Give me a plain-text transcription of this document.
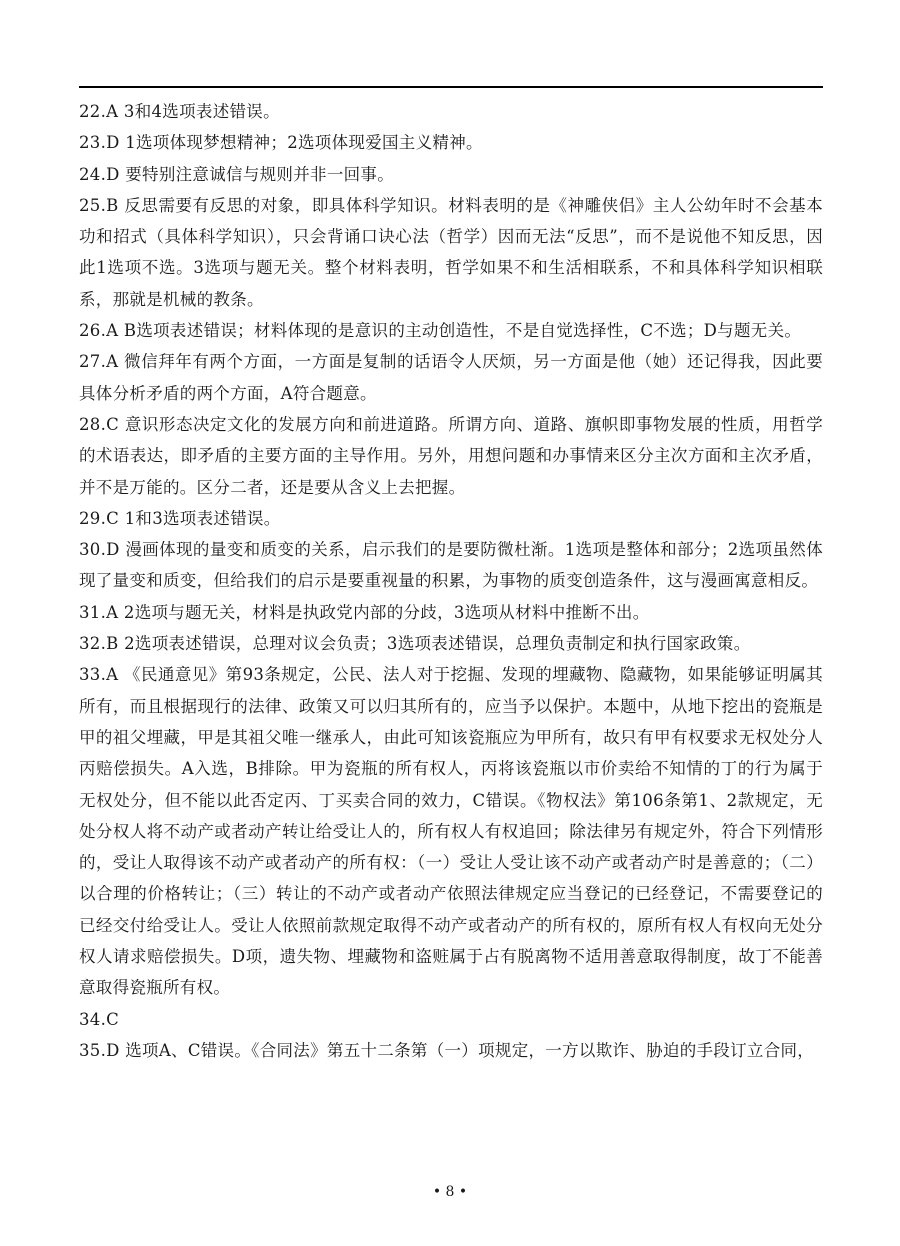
22.A 3和4选项表述错误。

23.D 1选项体现梦想精神；2选项体现爱国主义精神。

24.D 要特别注意诚信与规则并非一回事。

25.B 反思需要有反思的对象，即具体科学知识。材料表明的是《神雕侠侣》主人公幼年时不会基本功和招式（具体科学知识），只会背诵口诀心法（哲学）因而无法“反思”，而不是说他不知反思，因此1选项不选。3选项与题无关。整个材料表明，哲学如果不和生活相联系，不和具体科学知识相联系，那就是机械的教条。

26.A B选项表述错误；材料体现的是意识的主动创造性，不是自觉选择性，C不选；D与题无关。

27.A 微信拜年有两个方面，一方面是复制的话语令人厌烦，另一方面是他（她）还记得我，因此要具体分析矛盾的两个方面，A符合题意。

28.C 意识形态决定文化的发展方向和前进道路。所谓方向、道路、旗帜即事物发展的性质，用哲学的术语表达，即矛盾的主要方面的主导作用。另外，用想问题和办事情来区分主次方面和主次矛盾，并不是万能的。区分二者，还是要从含义上去把握。

29.C 1和3选项表述错误。

30.D 漫画体现的量变和质变的关系，启示我们的是要防微杜渐。1选项是整体和部分；2选项虽然体现了量变和质变，但给我们的启示是要重视量的积累，为事物的质变创造条件，这与漫画寓意相反。

31.A 2选项与题无关，材料是执政党内部的分歧，3选项从材料中推断不出。

32.B 2选项表述错误，总理对议会负责；3选项表述错误，总理负责制定和执行国家政策。

33.A 《民通意见》第93条规定，公民、法人对于挖掘、发现的埋藏物、隐藏物，如果能够证明属其所有，而且根据现行的法律、政策又可以归其所有的，应当予以保护。本题中，从地下挖出的瓷瓶是甲的祖父埋藏，甲是其祖父唯一继承人，由此可知该瓷瓶应为甲所有，故只有甲有权要求无权处分人丙赔偿损失。A入选，B排除。甲为瓷瓶的所有权人，丙将该瓷瓶以市价卖给不知情的丁的行为属于无权处分，但不能以此否定丙、丁买卖合同的效力，C错误。《物权法》第106条第1、2款规定，无处分权人将不动产或者动产转让给受让人的，所有权人有权追回；除法律另有规定外，符合下列情形的，受让人取得该不动产或者动产的所有权：（一）受让人受让该不动产或者动产时是善意的；（二）以合理的价格转让；（三）转让的不动产或者动产依照法律规定应当登记的已经登记，不需要登记的已经交付给受让人。受让人依照前款规定取得不动产或者动产的所有权的，原所有权人有权向无处分权人请求赔偿损失。D项，遗失物、埋藏物和盗赃属于占有脱离物不适用善意取得制度，故丁不能善意取得瓷瓶所有权。

34.C

35.D 选项A、C错误。《合同法》第五十二条第（一）项规定，一方以欺诈、胁迫的手段订立合同，

• 8 •
